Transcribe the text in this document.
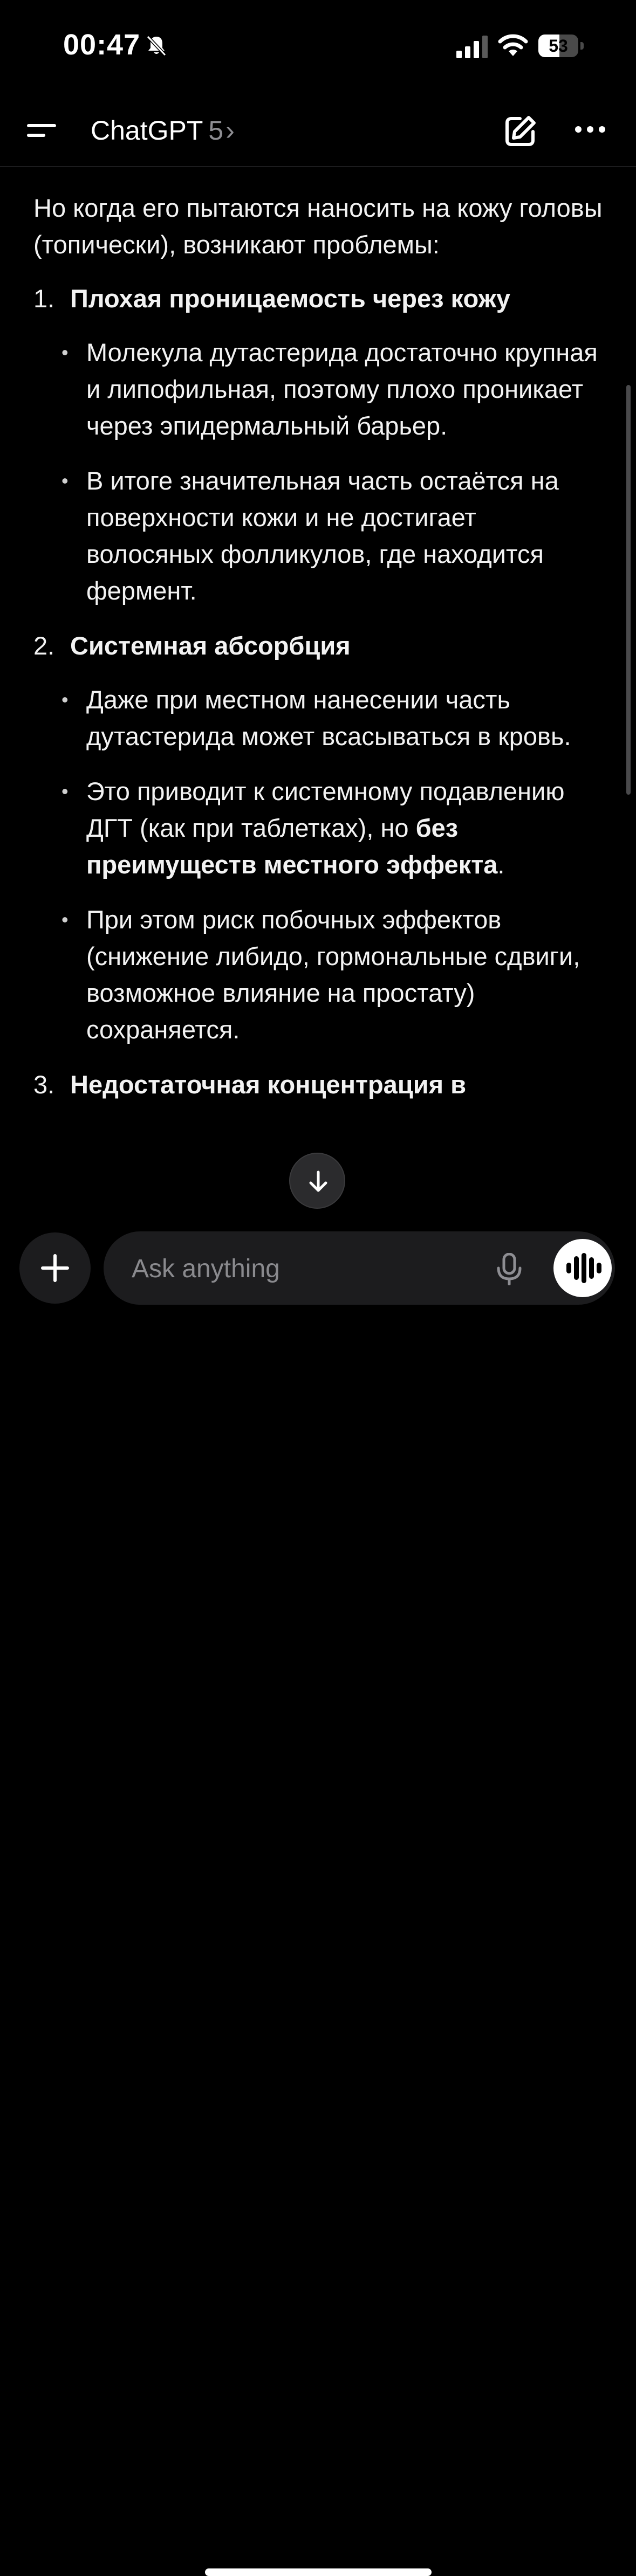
00:47	53
ChatGPT 5›

Но когда его пытаются наносить на кожу головы (топически), возникают проблемы:

1. Плохая проницаемость через кожу
• Молекула дутастерида достаточно крупная и липофильная, поэтому плохо проникает через эпидермальный барьер.
• В итоге значительная часть остаётся на поверхности кожи и не достигает волосяных фолликулов, где находится фермент.
2. Системная абсорбция
• Даже при местном нанесении часть дутастерида может всасываться в кровь.
• Это приводит к системному подавлению ДГТ (как при таблетках), но без преимуществ местного эффекта.
• При этом риск побочных эффектов (снижение либидо, гормональные сдвиги, возможное влияние на простату) сохраняется.
3. Недостаточная концентрация в
Ask anything
